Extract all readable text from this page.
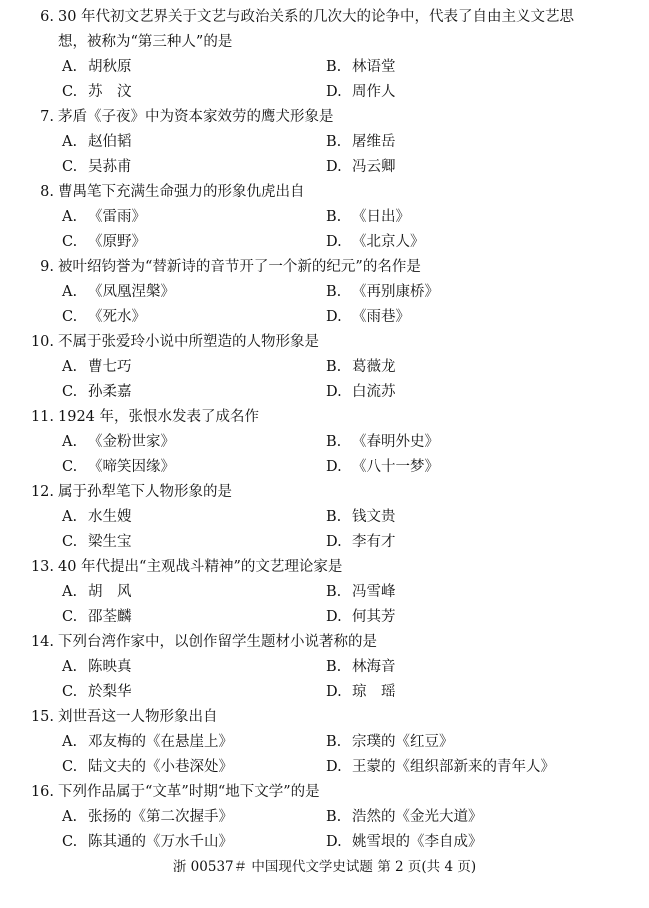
6. 30 年代初文艺界关于文艺与政治关系的几次大的论争中，代表了自由主义文艺思
想，被称为“第三种人”的是
A. 胡秋原	B. 林语堂
C. 苏　汶	D. 周作人
7. 茅盾《子夜》中为资本家效劳的鹰犬形象是
A. 赵伯韬	B. 屠维岳
C. 吴荪甫	D. 冯云卿
8. 曹禺笔下充满生命强力的形象仇虎出自
A. 《雷雨》	B. 《日出》
C. 《原野》	D. 《北京人》
9. 被叶绍钧誉为“替新诗的音节开了一个新的纪元”的名作是
A. 《凤凰涅槃》	B. 《再别康桥》
C. 《死水》	D. 《雨巷》
10. 不属于张爱玲小说中所塑造的人物形象是
A. 曹七巧	B. 葛薇龙
C. 孙柔嘉	D. 白流苏
11. 1924 年，张恨水发表了成名作
A. 《金粉世家》	B. 《春明外史》
C. 《啼笑因缘》	D. 《八十一梦》
12. 属于孙犁笔下人物形象的是
A. 水生嫂	B. 钱文贵
C. 梁生宝	D. 李有才
13. 40 年代提出“主观战斗精神”的文艺理论家是
A. 胡　风	B. 冯雪峰
C. 邵荃麟	D. 何其芳
14. 下列台湾作家中，以创作留学生题材小说著称的是
A. 陈映真	B. 林海音
C. 於梨华	D. 琼　瑶
15. 刘世吾这一人物形象出自
A. 邓友梅的《在悬崖上》	B. 宗璞的《红豆》
C. 陆文夫的《小巷深处》	D. 王蒙的《组织部新来的青年人》
16. 下列作品属于“文革”时期“地下文学”的是
A. 张扬的《第二次握手》	B. 浩然的《金光大道》
C. 陈其通的《万水千山》	D. 姚雪垠的《李自成》
浙 00537＃ 中国现代文学史试题 第 2 页(共 4 页)
